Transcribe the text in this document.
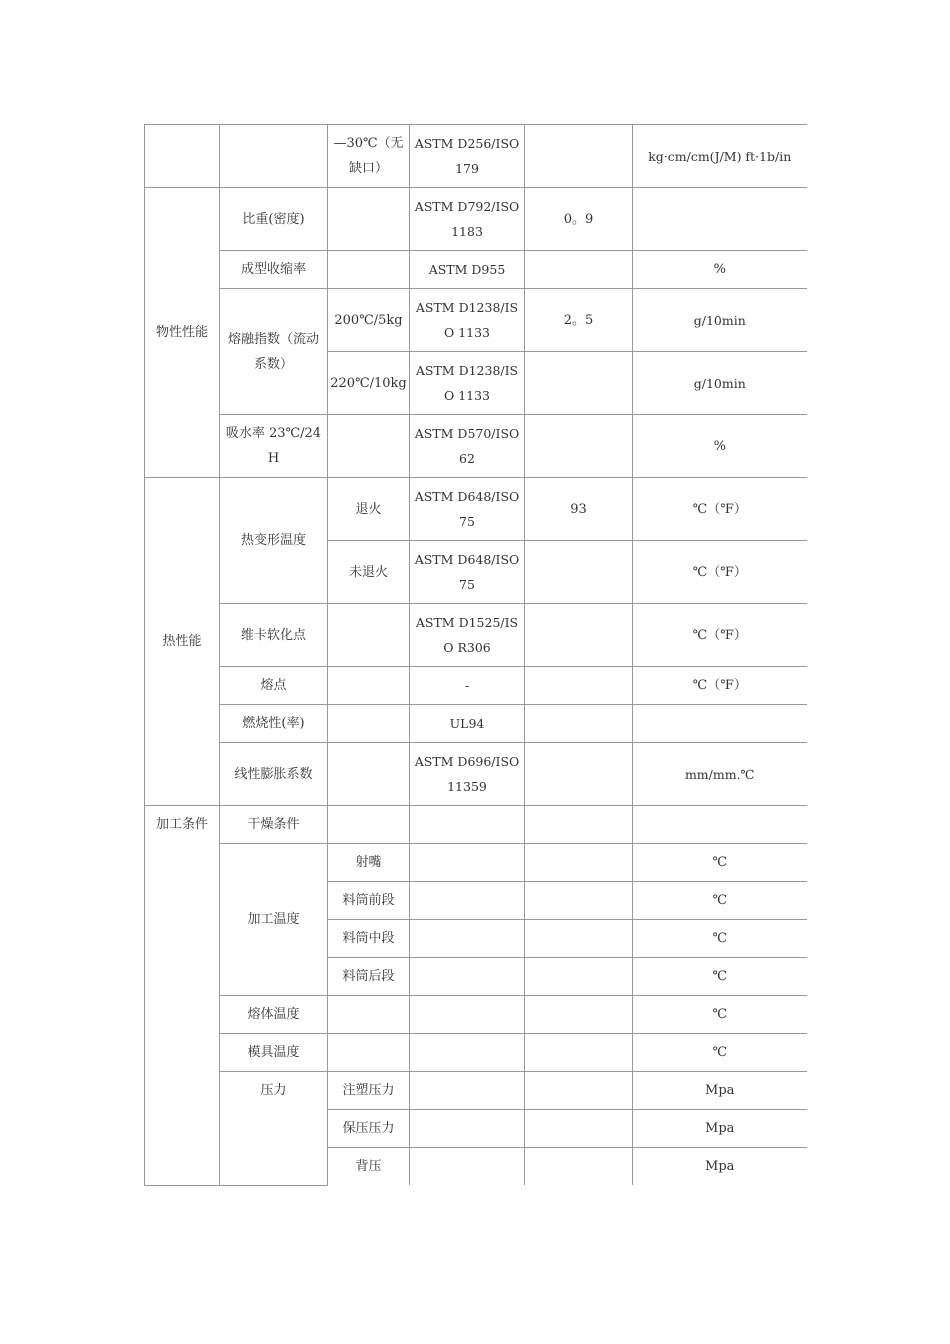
		—30℃（无缺口）	ASTM D256/ISO 179		kg·cm/cm(J/M) ft·1b/in
物性性能	比重(密度)		ASTM D792/ISO 1183	0。9	
	成型收缩率		ASTM D955		%
	熔融指数（流动系数）	200℃/5kg	ASTM D1238/ISO 1133	2。5	g/10min
		220℃/10kg	ASTM D1238/ISO 1133		g/10min
	吸水率 23℃/24H		ASTM D570/ISO 62		%
热性能	热变形温度	退火	ASTM D648/ISO 75	93	℃（℉）
		未退火	ASTM D648/ISO 75		℃（℉）
	维卡软化点		ASTM D1525/ISO R306		℃（℉）
	熔点		-		℃（℉）
	燃烧性(率)		UL94		
	线性膨胀系数		ASTM D696/ISO 11359		mm/mm.℃
加工条件	干燥条件				
	加工温度	射嘴			℃
		料筒前段			℃
		料筒中段			℃
		料筒后段			℃
	熔体温度				℃
	模具温度				℃
	压力	注塑压力			Mpa
		保压压力			Mpa
		背压			Mpa
